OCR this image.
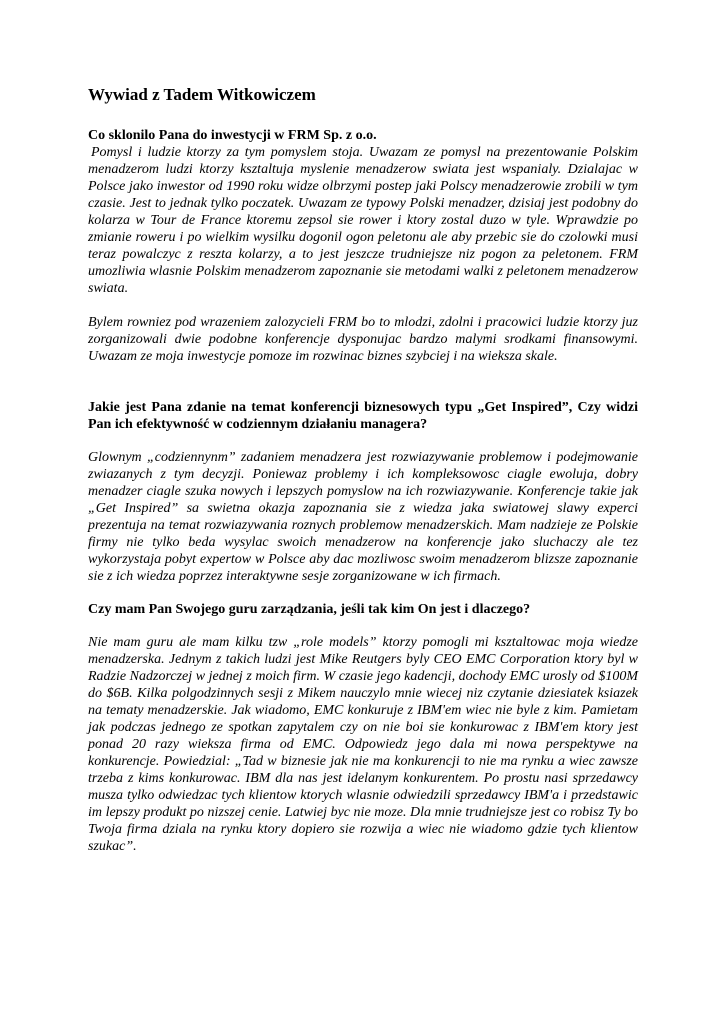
Wywiad z Tadem Witkowiczem
Co sklonilo Pana do inwestycji w FRM Sp. z o.o.
Pomysl i ludzie ktorzy za tym pomyslem stoja. Uwazam ze pomysl na prezentowanie Polskim menadzerom ludzi ktorzy ksztaltuja myslenie menadzerow swiata jest wspanialy. Dzialajac w Polsce jako inwestor od 1990 roku widze olbrzymi postep jaki Polscy menadzerowie zrobili w tym czasie. Jest to jednak tylko poczatek. Uwazam ze typowy Polski menadzer, dzisiaj jest podobny do kolarza w Tour de France ktoremu zepsol sie rower i ktory zostal duzo w tyle. Wprawdzie po zmianie roweru i po wielkim wysilku dogonil ogon peletonu ale aby przebic sie do czolowki musi teraz powalczyc z reszta kolarzy, a to jest jeszcze trudniejsze niz pogon za peletonem. FRM umozliwia wlasnie Polskim menadzerom zapoznanie sie metodami walki z peletonem menadzerow swiata.
Bylem rowniez pod wrazeniem zalozycieli FRM bo to mlodzi, zdolni i pracowici ludzie ktorzy juz zorganizowali dwie podobne konferencje dysponujac bardzo malymi srodkami finansowymi. Uwazam ze moja inwestycje pomoze im rozwinac biznes szybciej i na wieksza skale.
Jakie jest Pana zdanie na temat konferencji biznesowych typu „Get Inspired”, Czy widzi Pan ich efektywność w codziennym działaniu managera?
Glownym „codziennynm” zadaniem menadzera jest rozwiazywanie problemow i podejmowanie zwiazanych z tym decyzji. Poniewaz problemy i ich kompleksowosc ciagle ewoluja, dobry menadzer ciagle szuka nowych i lepszych pomyslow na ich rozwiazywanie. Konferencje takie jak „Get Inspired” sa swietna okazja zapoznania sie z wiedza jaka swiatowej slawy experci prezentuja na temat rozwiazywania roznych problemow menadzerskich. Mam nadzieje ze Polskie firmy nie tylko beda wysylac swoich menadzerow na konferencje jako sluchaczy ale tez wykorzystaja pobyt expertow w Polsce aby dac mozliwosc swoim menadzerom blizsze zapoznanie sie z ich wiedza poprzez interaktywne sesje zorganizowane w ich firmach.
Czy mam Pan Swojego guru zarządzania, jeśli tak kim On jest i dlaczego?
Nie mam guru ale mam kilku tzw „role models” ktorzy pomogli mi ksztaltowac moja wiedze menadzerska. Jednym z takich ludzi jest Mike Reutgers byly CEO EMC Corporation ktory byl w Radzie Nadzorczej w jednej z moich firm. W czasie jego kadencji, dochody EMC urosly od $100M do $6B. Kilka polgodzinnych sesji z Mikem nauczylo mnie wiecej niz czytanie dziesiatek ksiazek na tematy menadzerskie. Jak wiadomo, EMC konkuruje z IBM'em wiec nie byle z kim. Pamietam jak podczas jednego ze spotkan zapytalem czy on nie boi sie konkurowac z IBM'em ktory jest ponad 20 razy wieksza firma od EMC. Odpowiedz jego dala mi nowa perspektywe na konkurencje. Powiedzial: „Tad w biznesie jak nie ma konkurencji to nie ma rynku a wiec zawsze trzeba z kims konkurowac. IBM dla nas jest idelanym konkurentem. Po prostu nasi sprzedawcy musza tylko odwiedzac tych klientow ktorych wlasnie odwiedzili sprzedawcy IBM'a i przedstawic im lepszy produkt po nizszej cenie. Latwiej byc nie moze. Dla mnie trudniejsze jest co robisz Ty bo Twoja firma dziala na rynku ktory dopiero sie rozwija a wiec nie wiadomo gdzie tych klientow szukac”.
